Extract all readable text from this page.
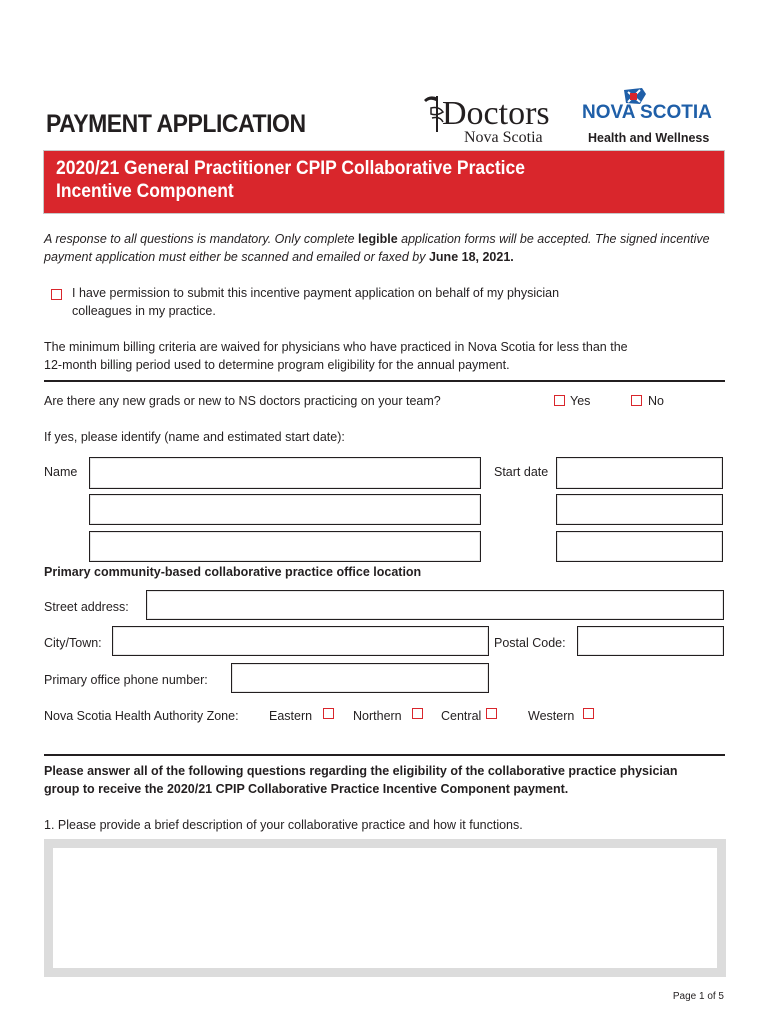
PAYMENT APPLICATION	Doctors
Nova Scotia
NOVA SCOTIA
Health and Wellness
2020/21 General Practitioner CPIP Collaborative Practice
Incentive Component
A response to all questions is mandatory. Only complete legible application forms will be accepted. The signed incentive payment application must either be scanned and emailed or faxed by June 18, 2021.
I have permission to submit this incentive payment application on behalf of my physician
colleagues in my practice.
The minimum billing criteria are waived for physicians who have practiced in Nova Scotia for less than the
12-month billing period used to determine program eligibility for the annual payment.
Are there any new grads or new to NS doctors practicing on your team?	Yes	No
If yes, please identify (name and estimated start date):
Name	Start date
Primary community-based collaborative practice office location
Street address:
City/Town:	Postal Code:
Primary office phone number:
Nova Scotia Health Authority Zone: Eastern	Northern	Central	Western
Please answer all of the following questions regarding the eligibility of the collaborative practice physician
group to receive the 2020/21 CPIP Collaborative Practice Incentive Component payment.
1. Please provide a brief description of your collaborative practice and how it functions.
Page 1 of 5
